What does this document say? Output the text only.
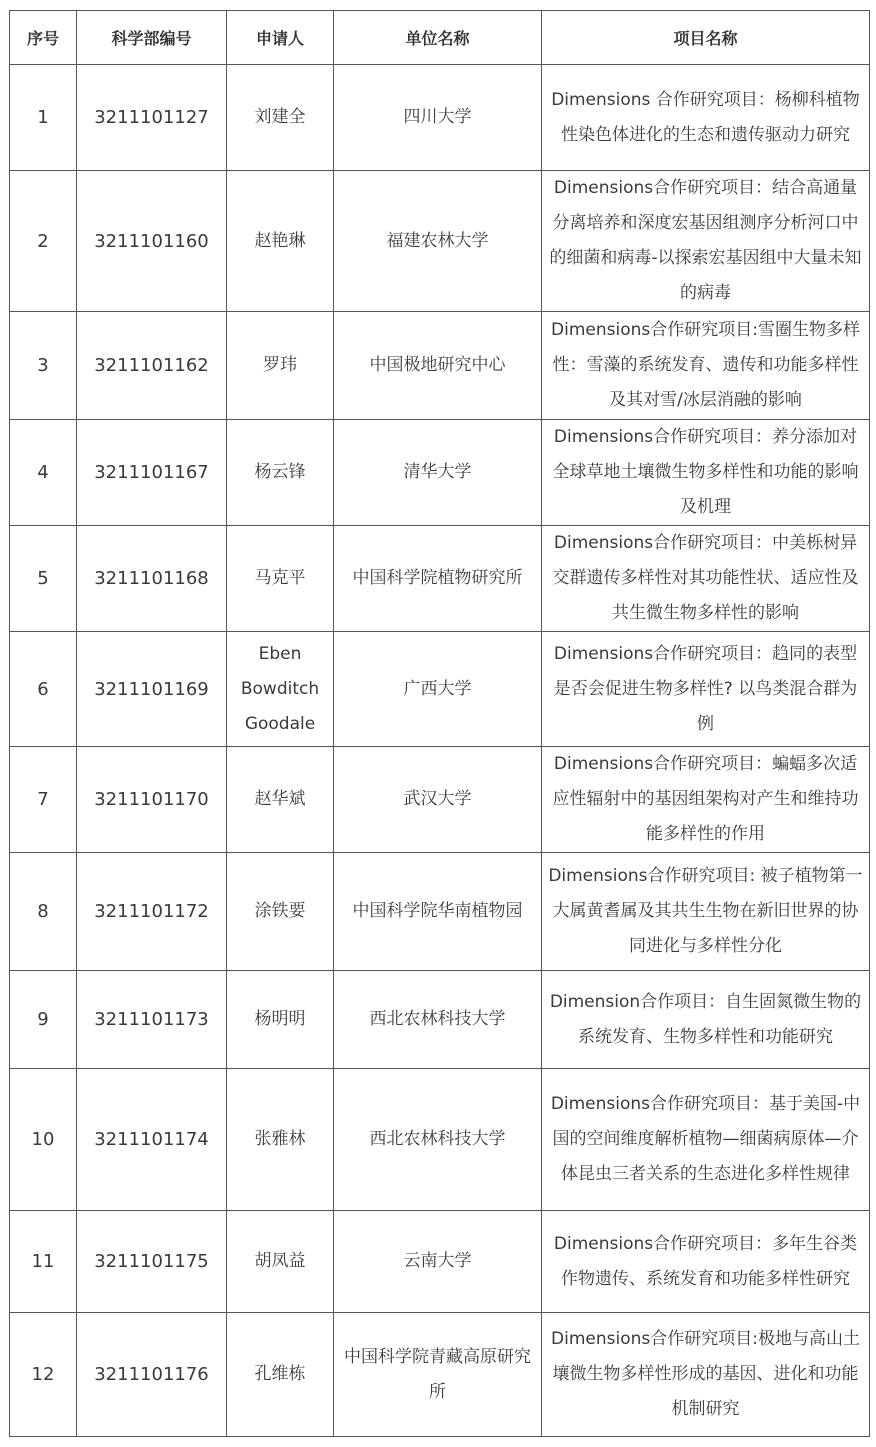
序号	科学部编号	申请人	单位名称	项目名称
1	3211101127	刘建全	四川大学	Dimensions 合作研究项目：杨柳科植物性染色体进化的生态和遗传驱动力研究
2	3211101160	赵艳琳	福建农林大学	Dimensions合作研究项目：结合高通量分离培养和深度宏基因组测序分析河口中的细菌和病毒-以探索宏基因组中大量未知的病毒
3	3211101162	罗玮	中国极地研究中心	Dimensions合作研究项目:雪圈生物多样性：雪藻的系统发育、遗传和功能多样性及其对雪/冰层消融的影响
4	3211101167	杨云锋	清华大学	Dimensions合作研究项目：养分添加对全球草地土壤微生物多样性和功能的影响及机理
5	3211101168	马克平	中国科学院植物研究所	Dimensions合作研究项目：中美栎树异交群遗传多样性对其功能性状、适应性及共生微生物多样性的影响
6	3211101169	Eben Bowditch Goodale	广西大学	Dimensions合作研究项目：趋同的表型是否会促进生物多样性? 以鸟类混合群为例
7	3211101170	赵华斌	武汉大学	Dimensions合作研究项目：蝙蝠多次适应性辐射中的基因组架构对产生和维持功能多样性的作用
8	3211101172	涂铁要	中国科学院华南植物园	Dimensions合作研究项目: 被子植物第一大属黄耆属及其共生生物在新旧世界的协同进化与多样性分化
9	3211101173	杨明明	西北农林科技大学	Dimension合作项目：自生固氮微生物的系统发育、生物多样性和功能研究
10	3211101174	张雅林	西北农林科技大学	Dimensions合作研究项目：基于美国-中国的空间维度解析植物—细菌病原体—介体昆虫三者关系的生态进化多样性规律
11	3211101175	胡凤益	云南大学	Dimensions合作研究项目：多年生谷类作物遗传、系统发育和功能多样性研究
12	3211101176	孔维栋	中国科学院青藏高原研究所	Dimensions合作研究项目:极地与高山土壤微生物多样性形成的基因、进化和功能机制研究
